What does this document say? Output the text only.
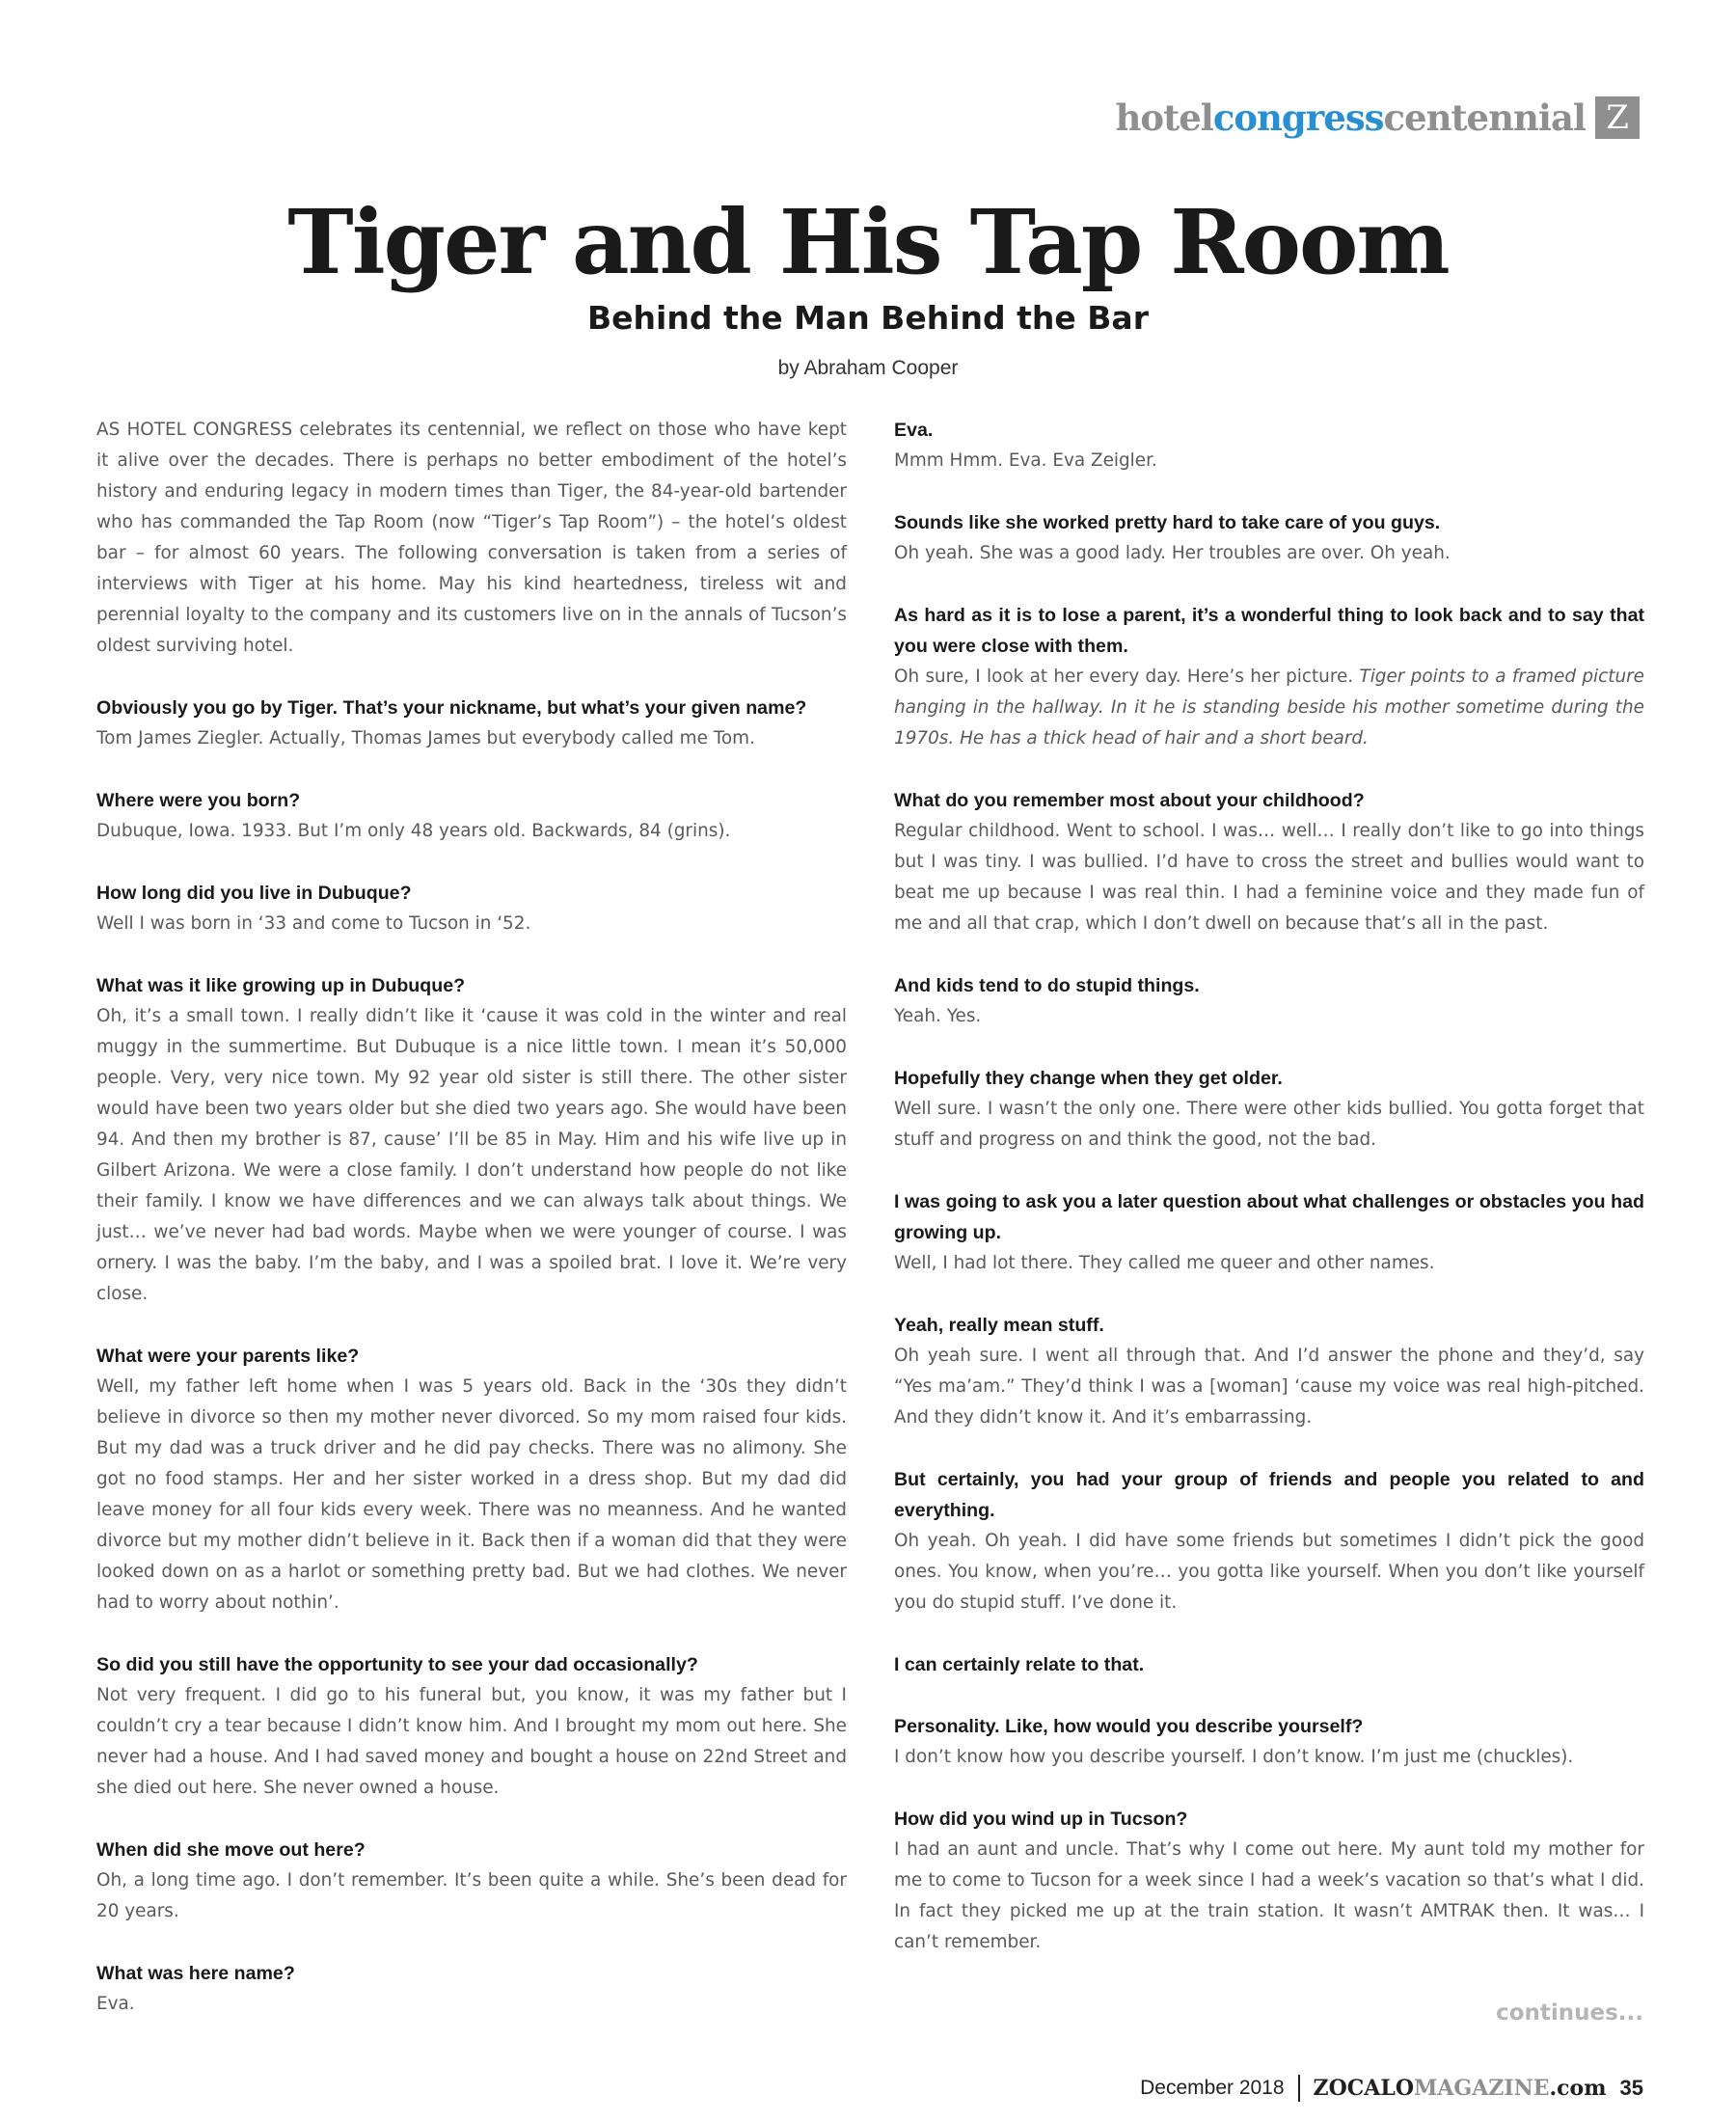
hotelcongresscentennial Z
Tiger and His Tap Room
Behind the Man Behind the Bar
by Abraham Cooper

AS HOTEL CONGRESS celebrates its centennial, we reflect on those who have kept it alive over the decades. There is perhaps no better embodiment of the hotel’s history and enduring legacy in modern times than Tiger, the 84-year-old bartender who has commanded the Tap Room (now “Tiger’s Tap Room”) – the hotel’s oldest bar – for almost 60 years. The following conversation is taken from a series of interviews with Tiger at his home. May his kind heartedness, tireless wit and perennial loyalty to the company and its customers live on in the annals of Tucson’s oldest surviving hotel.

Obviously you go by Tiger. That’s your nickname, but what’s your given name?
Tom James Ziegler. Actually, Thomas James but everybody called me Tom.

Where were you born?
Dubuque, Iowa. 1933. But I’m only 48 years old. Backwards, 84 (grins).

How long did you live in Dubuque?
Well I was born in ‘33 and come to Tucson in ‘52.

What was it like growing up in Dubuque?
Oh, it’s a small town. I really didn’t like it ‘cause it was cold in the winter and real muggy in the summertime. But Dubuque is a nice little town. I mean it’s 50,000 people. Very, very nice town. My 92 year old sister is still there. The other sister would have been two years older but she died two years ago. She would have been 94. And then my brother is 87, cause’ I’ll be 85 in May. Him and his wife live up in Gilbert Arizona. We were a close family. I don’t understand how people do not like their family. I know we have differences and we can always talk about things. We just… we’ve never had bad words. Maybe when we were younger of course. I was ornery. I was the baby. I’m the baby, and I was a spoiled brat. I love it. We’re very close.

What were your parents like?
Well, my father left home when I was 5 years old. Back in the ‘30s they didn’t believe in divorce so then my mother never divorced. So my mom raised four kids. But my dad was a truck driver and he did pay checks. There was no alimony. She got no food stamps. Her and her sister worked in a dress shop. But my dad did leave money for all four kids every week. There was no meanness. And he wanted divorce but my mother didn’t believe in it. Back then if a woman did that they were looked down on as a harlot or something pretty bad. But we had clothes. We never had to worry about nothin’.

So did you still have the opportunity to see your dad occasionally?
Not very frequent. I did go to his funeral but, you know, it was my father but I couldn’t cry a tear because I didn’t know him. And I brought my mom out here. She never had a house. And I had saved money and bought a house on 22nd Street and she died out here. She never owned a house.

When did she move out here?
Oh, a long time ago. I don’t remember. It’s been quite a while. She’s been dead for 20 years.

What was here name?
Eva.

Eva.
Mmm Hmm. Eva. Eva Zeigler.

Sounds like she worked pretty hard to take care of you guys.
Oh yeah. She was a good lady. Her troubles are over. Oh yeah.

As hard as it is to lose a parent, it’s a wonderful thing to look back and to say that you were close with them.
Oh sure, I look at her every day. Here’s her picture. Tiger points to a framed picture hanging in the hallway. In it he is standing beside his mother sometime during the 1970s. He has a thick head of hair and a short beard.

What do you remember most about your childhood?
Regular childhood. Went to school. I was… well… I really don’t like to go into things but I was tiny. I was bullied. I’d have to cross the street and bullies would want to beat me up because I was real thin. I had a feminine voice and they made fun of me and all that crap, which I don’t dwell on because that’s all in the past.

And kids tend to do stupid things.
Yeah. Yes.

Hopefully they change when they get older.
Well sure. I wasn’t the only one. There were other kids bullied. You gotta forget that stuff and progress on and think the good, not the bad.

I was going to ask you a later question about what challenges or obstacles you had growing up.
Well, I had lot there. They called me queer and other names.

Yeah, really mean stuff.
Oh yeah sure. I went all through that. And I’d answer the phone and they’d, say “Yes ma’am.” They’d think I was a [woman] ‘cause my voice was real high-pitched. And they didn’t know it. And it’s embarrassing.

But certainly, you had your group of friends and people you related to and everything.
Oh yeah. Oh yeah. I did have some friends but sometimes I didn’t pick the good ones. You know, when you’re… you gotta like yourself. When you don’t like yourself you do stupid stuff. I’ve done it.

I can certainly relate to that.

Personality. Like, how would you describe yourself?
I don’t know how you describe yourself. I don’t know. I’m just me (chuckles).

How did you wind up in Tucson?
I had an aunt and uncle. That’s why I come out here. My aunt told my mother for me to come to Tucson for a week since I had a week’s vacation so that’s what I did. In fact they picked me up at the train station. It wasn’t AMTRAK then. It was… I can’t remember.

continues...
December 2018 ZOCALOMAGAZINE.com 35
